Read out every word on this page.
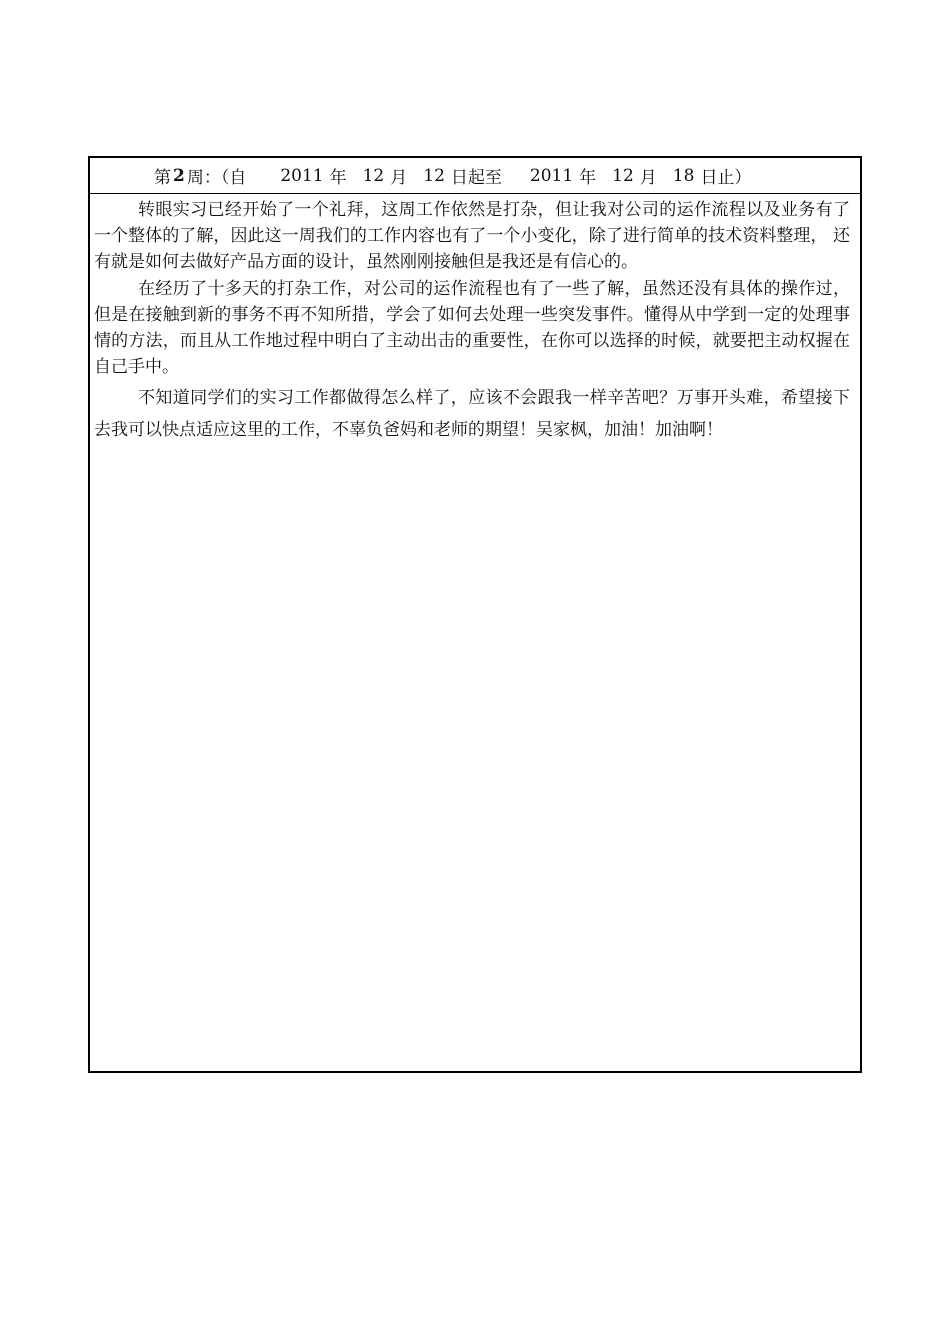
第 2 周：（自 2011 年 12 月 12 日起至 2011 年 12 月 18 日止）

转眼实习已经开始了一个礼拜，这周工作依然是打杂，但让我对公司的运作流程以及业务有了一个整体的了解，因此这一周我们的工作内容也有了一个小变化，除了进行简单的技术资料整理， 还有就是如何去做好产品方面的设计，虽然刚刚接触但是我还是有信心的。

在经历了十多天的打杂工作，对公司的运作流程也有了一些了解，虽然还没有具体的操作过，但是在接触到新的事务不再不知所措，学会了如何去处理一些突发事件。懂得从中学到一定的处理事情的方法，而且从工作地过程中明白了主动出击的重要性，在你可以选择的时候，就要把主动权握在自己手中。

不知道同学们的实习工作都做得怎么样了，应该不会跟我一样辛苦吧？万事开头难，希望接下去我可以快点适应这里的工作，不辜负爸妈和老师的期望！吴家枫，加油！加油啊！
